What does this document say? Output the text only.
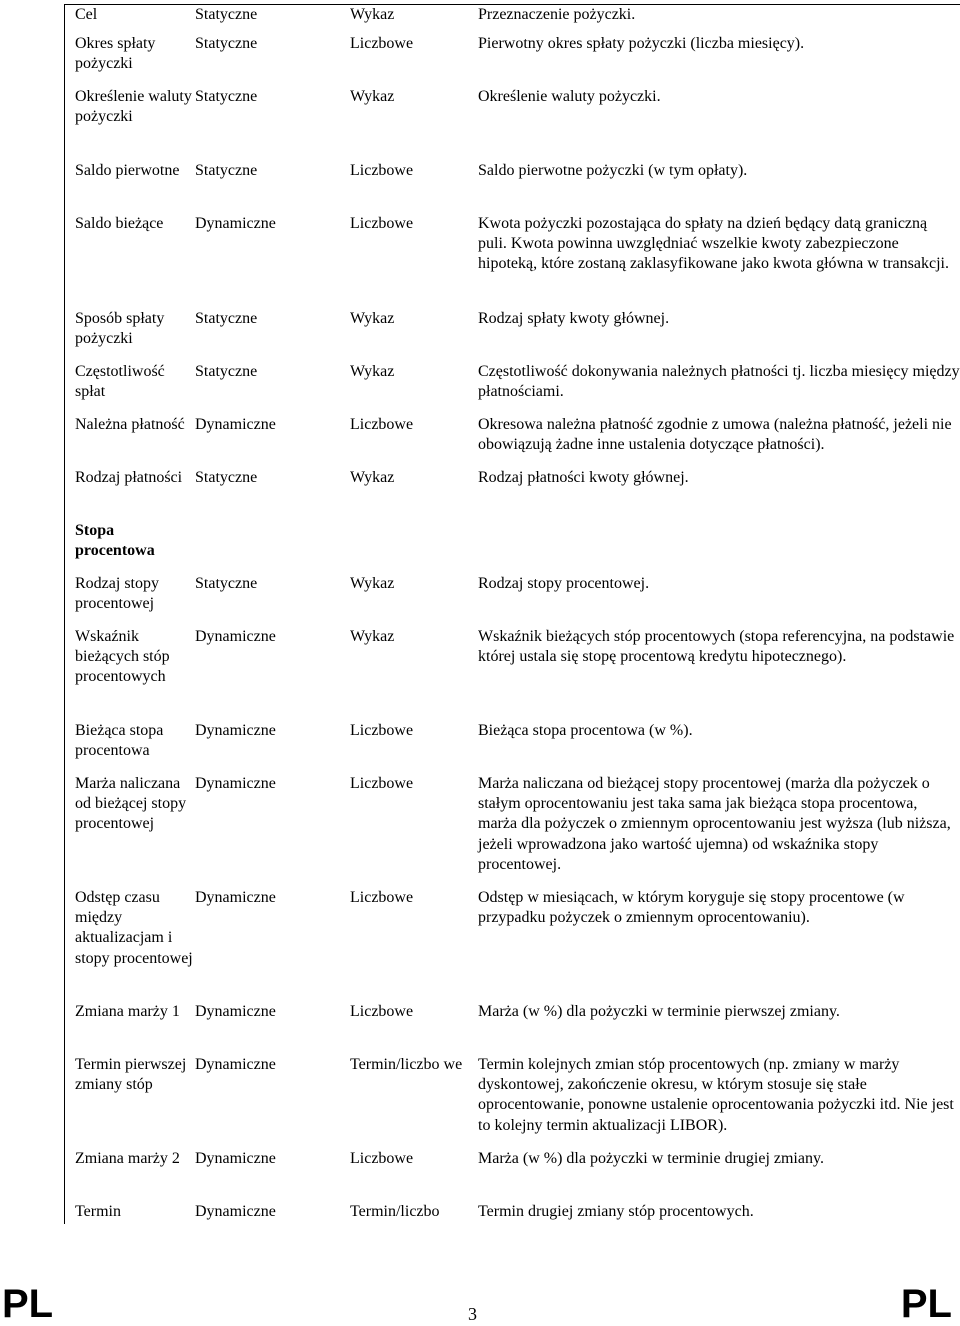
Cel	Statyczne	Wykaz	Przeznaczenie pożyczki.
Okres spłaty pożyczki	Statyczne	Liczbowe	Pierwotny okres spłaty pożyczki (liczba miesięcy).
Określenie waluty pożyczki	Statyczne	Wykaz	Określenie waluty pożyczki.
Saldo pierwotne	Statyczne	Liczbowe	Saldo pierwotne pożyczki (w tym opłaty).
Saldo bieżące	Dynamiczne	Liczbowe	Kwota pożyczki pozostająca do spłaty na dzień będący datą graniczną puli. Kwota powinna uwzględniać wszelkie kwoty zabezpieczone hipoteką, które zostaną zaklasyfikowane jako kwota główna w transakcji.
Sposób spłaty pożyczki	Statyczne	Wykaz	Rodzaj spłaty kwoty głównej.
Częstotliwość spłat	Statyczne	Wykaz	Częstotliwość dokonywania należnych płatności tj. liczba miesięcy między płatnościami.
Należna płatność	Dynamiczne	Liczbowe	Okresowa należna płatność zgodnie z umowa (należna płatność, jeżeli nie obowiązują żadne inne ustalenia dotyczące płatności).
Rodzaj płatności	Statyczne	Wykaz	Rodzaj płatności kwoty głównej.
Stopa procentowa			
Rodzaj stopy procentowej	Statyczne	Wykaz	Rodzaj stopy procentowej.
Wskaźnik bieżących stóp procentowych	Dynamiczne	Wykaz	Wskaźnik bieżących stóp procentowych (stopa referencyjna, na podstawie której ustala się stopę procentową kredytu hipotecznego).
Bieżąca stopa procentowa	Dynamiczne	Liczbowe	Bieżąca stopa procentowa (w %).
Marża naliczana od bieżącej stopy procentowej	Dynamiczne	Liczbowe	Marża naliczana od bieżącej stopy procentowej (marża dla pożyczek o stałym oprocentowaniu jest taka sama jak bieżąca stopa procentowa, marża dla pożyczek o zmiennym oprocentowaniu jest wyższa (lub niższa, jeżeli wprowadzona jako wartość ujemna) od wskaźnika stopy procentowej.
Odstęp czasu między aktualizacjam i stopy procentowej	Dynamiczne	Liczbowe	Odstęp w miesiącach, w którym koryguje się stopy procentowe (w przypadku pożyczek o zmiennym oprocentowaniu).
Zmiana marży 1	Dynamiczne	Liczbowe	Marża (w %) dla pożyczki w terminie pierwszej zmiany.
Termin pierwszej zmiany stóp	Dynamiczne	Termin/liczbo we	Termin kolejnych zmian stóp procentowych (np. zmiany w marży dyskontowej, zakończenie okresu, w którym stosuje się stałe oprocentowanie, ponowne ustalenie oprocentowania pożyczki itd. Nie jest to kolejny termin aktualizacji LIBOR).
Zmiana marży 2	Dynamiczne	Liczbowe	Marża (w %) dla pożyczki w terminie drugiej zmiany.
Termin	Dynamiczne	Termin/liczbo	Termin drugiej zmiany stóp procentowych.
PL	3	PL
